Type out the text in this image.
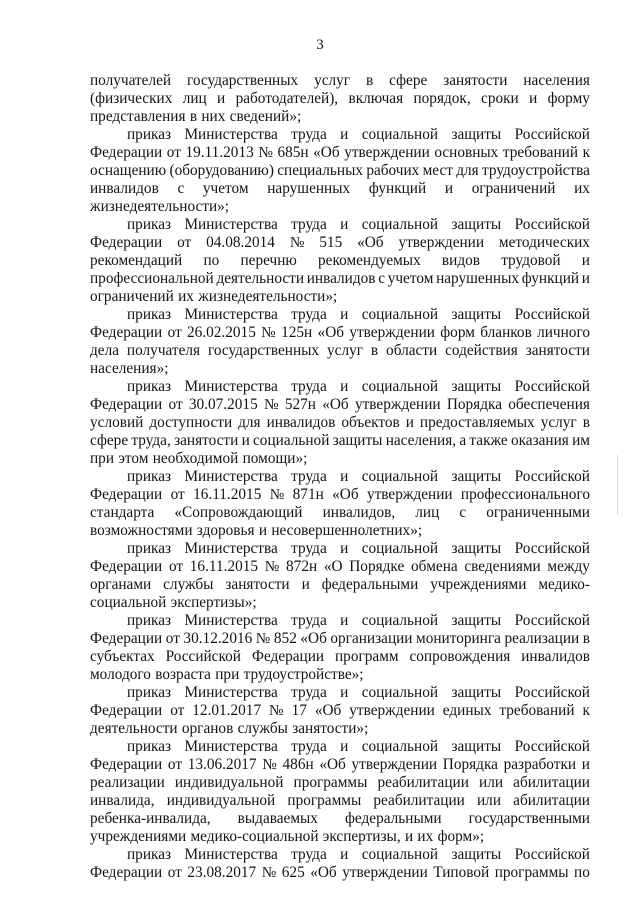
3
получателей государственных услуг в сфере занятости населения
(физических лиц и работодателей), включая порядок, сроки и форму
представления в них сведений»;
приказ Министерства труда и социальной защиты Российской
Федерации от 19.11.2013 № 685н «Об утверждении основных требований к
оснащению (оборудованию) специальных рабочих мест для трудоустройства
инвалидов с учетом нарушенных функций и ограничений их
жизнедеятельности»;
приказ Министерства труда и социальной защиты Российской
Федерации от 04.08.2014 № 515 «Об утверждении методических
рекомендаций по перечню рекомендуемых видов трудовой и
профессиональной деятельности инвалидов с учетом нарушенных функций и
ограничений их жизнедеятельности»;
приказ Министерства труда и социальной защиты Российской
Федерации от 26.02.2015 № 125н «Об утверждении форм бланков личного
дела получателя государственных услуг в области содействия занятости
населения»;
приказ Министерства труда и социальной защиты Российской
Федерации от 30.07.2015 № 527н «Об утверждении Порядка обеспечения
условий доступности для инвалидов объектов и предоставляемых услуг в
сфере труда, занятости и социальной защиты населения, а также оказания им
при этом необходимой помощи»;
приказ Министерства труда и социальной защиты Российской
Федерации от 16.11.2015 № 871н «Об утверждении профессионального
стандарта «Сопровождающий инвалидов, лиц с ограниченными
возможностями здоровья и несовершеннолетних»;
приказ Министерства труда и социальной защиты Российской
Федерации от 16.11.2015 № 872н «О Порядке обмена сведениями между
органами службы занятости и федеральными учреждениями медико-
социальной экспертизы»;
приказ Министерства труда и социальной защиты Российской
Федерации от 30.12.2016 № 852 «Об организации мониторинга реализации в
субъектах Российской Федерации программ сопровождения инвалидов
молодого возраста при трудоустройстве»;
приказ Министерства труда и социальной защиты Российской
Федерации от 12.01.2017 № 17 «Об утверждении единых требований к
деятельности органов службы занятости»;
приказ Министерства труда и социальной защиты Российской
Федерации от 13.06.2017 № 486н «Об утверждении Порядка разработки и
реализации индивидуальной программы реабилитации или абилитации
инвалида, индивидуальной программы реабилитации или абилитации
ребенка-инвалида, выдаваемых федеральными государственными
учреждениями медико-социальной экспертизы, и их форм»;
приказ Министерства труда и социальной защиты Российской
Федерации от 23.08.2017 № 625 «Об утверждении Типовой программы по
